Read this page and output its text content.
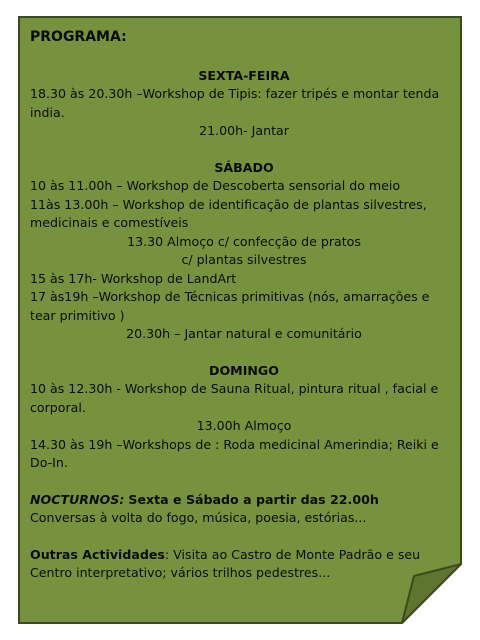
PROGRAMA:

SEXTA-FEIRA

18.30 às 20.30h –Workshop de Tipis: fazer tripés e montar tenda india.

21.00h- Jantar

SÁBADO

10 às 11.00h – Workshop de Descoberta sensorial do meio

11às 13.00h – Workshop de identificação de plantas silvestres, medicinais e comestíveis

13.30 Almoço c/ confecção de pratos

c/ plantas silvestres

15 às 17h- Workshop de LandArt

17 às19h –Workshop de Técnicas primitivas (nós, amarrações e tear primitivo )

20.30h – Jantar natural e comunitário

DOMINGO

10 às 12.30h - Workshop de Sauna Ritual, pintura ritual , facial e corporal.

13.00h Almoço

14.30 às 19h –Workshops de : Roda medicinal Amerindia; Reiki e Do-In.

NOCTURNOS: Sexta e Sábado a partir das 22.00h

Conversas à volta do fogo, música, poesia, estórias...

Outras Actividades: Visita ao Castro de Monte Padrão e seu Centro interpretativo; vários trilhos pedestres...
